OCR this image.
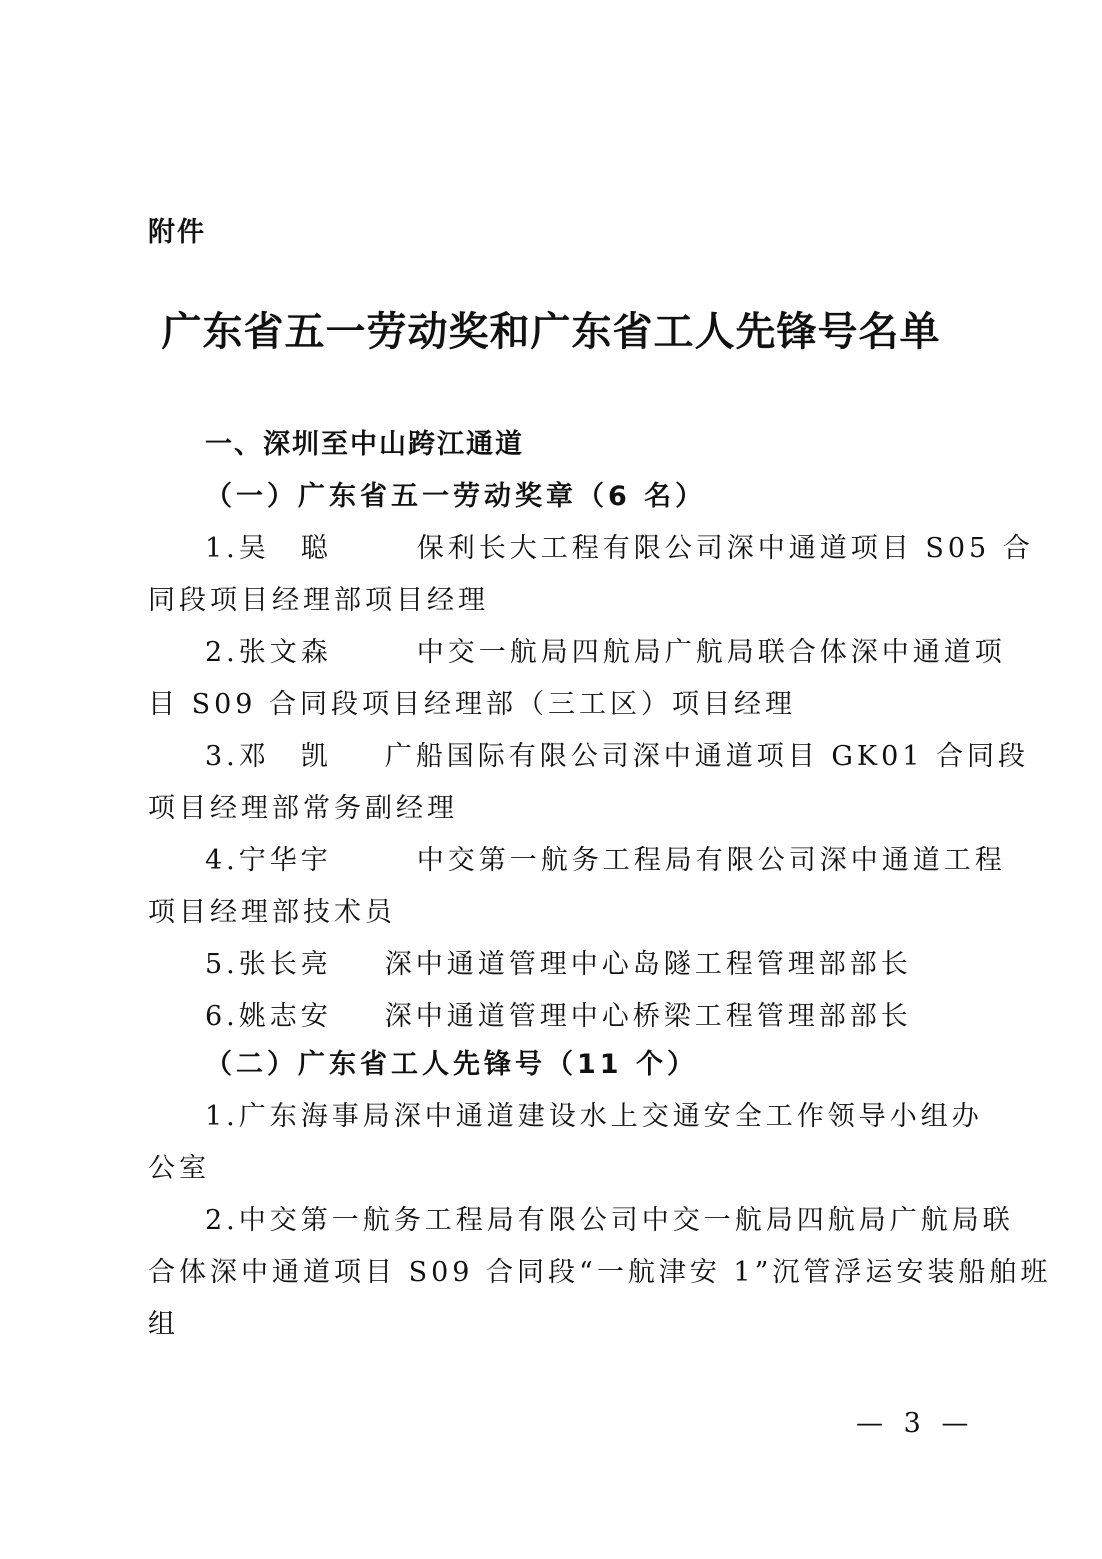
附件
广东省五一劳动奖和广东省工人先锋号名单
一、深圳至中山跨江通道
（一）广东省五一劳动奖章（6 名）
1.吴　聪	保利长大工程有限公司深中通道项目 S05 合
同段项目经理部项目经理
2.张文森	中交一航局四航局广航局联合体深中通道项
目 S09 合同段项目经理部（三工区）项目经理
3.邓　凯 广船国际有限公司深中通道项目 GK01 合同段
项目经理部常务副经理
4.宁华宇	中交第一航务工程局有限公司深中通道工程
项目经理部技术员
5.张长亮 深中通道管理中心岛隧工程管理部部长
6.姚志安 深中通道管理中心桥梁工程管理部部长
（二）广东省工人先锋号（11 个）
1.广东海事局深中通道建设水上交通安全工作领导小组办
公室
2.中交第一航务工程局有限公司中交一航局四航局广航局联
合体深中通道项目 S09 合同段“一航津安 1”沉管浮运安装船舶班
组
— 3 —
